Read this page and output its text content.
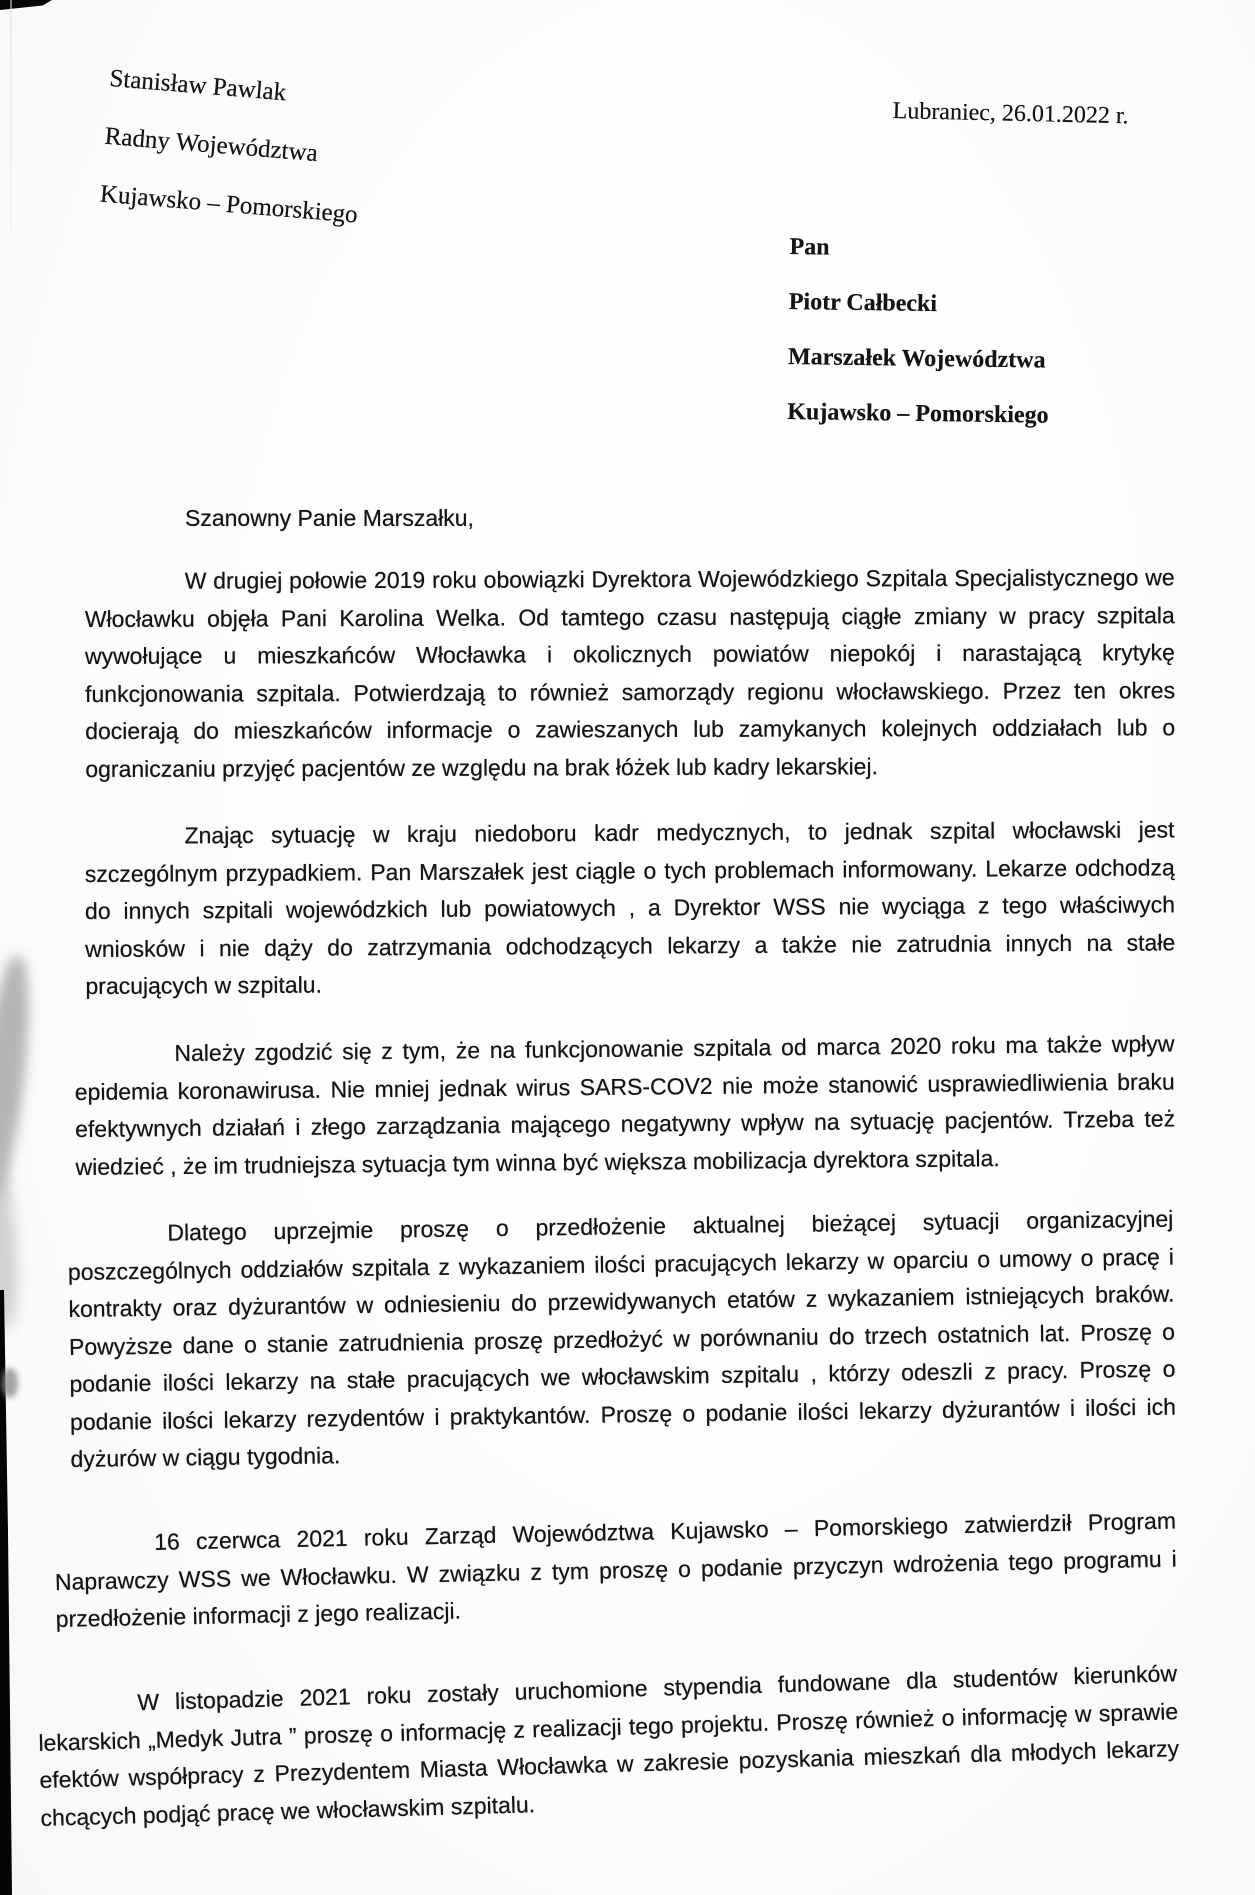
Stanisław Pawlak
Radny Województwa
Kujawsko – Pomorskiego
Lubraniec, 26.01.2022 r.
Pan
Piotr Całbecki
Marszałek Województwa
Kujawsko – Pomorskiego

Szanowny Panie Marszałku,

W drugiej połowie 2019 roku obowiązki Dyrektora Wojewódzkiego Szpitala Specjalistycznego we Włocławku objęła Pani Karolina Welka. Od tamtego czasu następują ciągłe zmiany w pracy szpitala wywołujące u mieszkańców Włocławka i okolicznych powiatów niepokój i narastającą krytykę funkcjonowania szpitala. Potwierdzają to również samorządy regionu włocławskiego. Przez ten okres docierają do mieszkańców informacje o zawieszanych lub zamykanych kolejnych oddziałach lub o ograniczaniu przyjęć pacjentów ze względu na brak łóżek lub kadry lekarskiej.

Znając sytuację w kraju niedoboru kadr medycznych, to jednak szpital włocławski jest szczególnym przypadkiem. Pan Marszałek jest ciągle o tych problemach informowany. Lekarze odchodzą do innych szpitali wojewódzkich lub powiatowych , a Dyrektor WSS nie wyciąga z tego właściwych wniosków i nie dąży do zatrzymania odchodzących lekarzy a także nie zatrudnia innych na stałe pracujących w szpitalu.

Należy zgodzić się z tym, że na funkcjonowanie szpitala od marca 2020 roku ma także wpływ epidemia koronawirusa. Nie mniej jednak wirus SARS-COV2 nie może stanowić usprawiedliwienia braku efektywnych działań i złego zarządzania mającego negatywny wpływ na sytuację pacjentów. Trzeba też wiedzieć , że im trudniejsza sytuacja tym winna być większa mobilizacja dyrektora szpitala.

Dlatego uprzejmie proszę o przedłożenie aktualnej bieżącej sytuacji organizacyjnej poszczególnych oddziałów szpitala z wykazaniem ilości pracujących lekarzy w oparciu o umowy o pracę i kontrakty oraz dyżurantów w odniesieniu do przewidywanych etatów z wykazaniem istniejących braków. Powyższe dane o stanie zatrudnienia proszę przedłożyć w porównaniu do trzech ostatnich lat. Proszę o podanie ilości lekarzy na stałe pracujących we włocławskim szpitalu , którzy odeszli z pracy. Proszę o podanie ilości lekarzy rezydentów i praktykantów. Proszę o podanie ilości lekarzy dyżurantów i ilości ich dyżurów w ciągu tygodnia.

16 czerwca 2021 roku Zarząd Województwa Kujawsko – Pomorskiego zatwierdził Program Naprawczy WSS we Włocławku. W związku z tym proszę o podanie przyczyn wdrożenia tego programu i przedłożenie informacji z jego realizacji.

W listopadzie 2021 roku zostały uruchomione stypendia fundowane dla studentów kierunków lekarskich „Medyk Jutra ” proszę o informację z realizacji tego projektu. Proszę również o informację w sprawie efektów współpracy z Prezydentem Miasta Włocławka w zakresie pozyskania mieszkań dla młodych lekarzy chcących podjąć pracę we włocławskim szpitalu.
